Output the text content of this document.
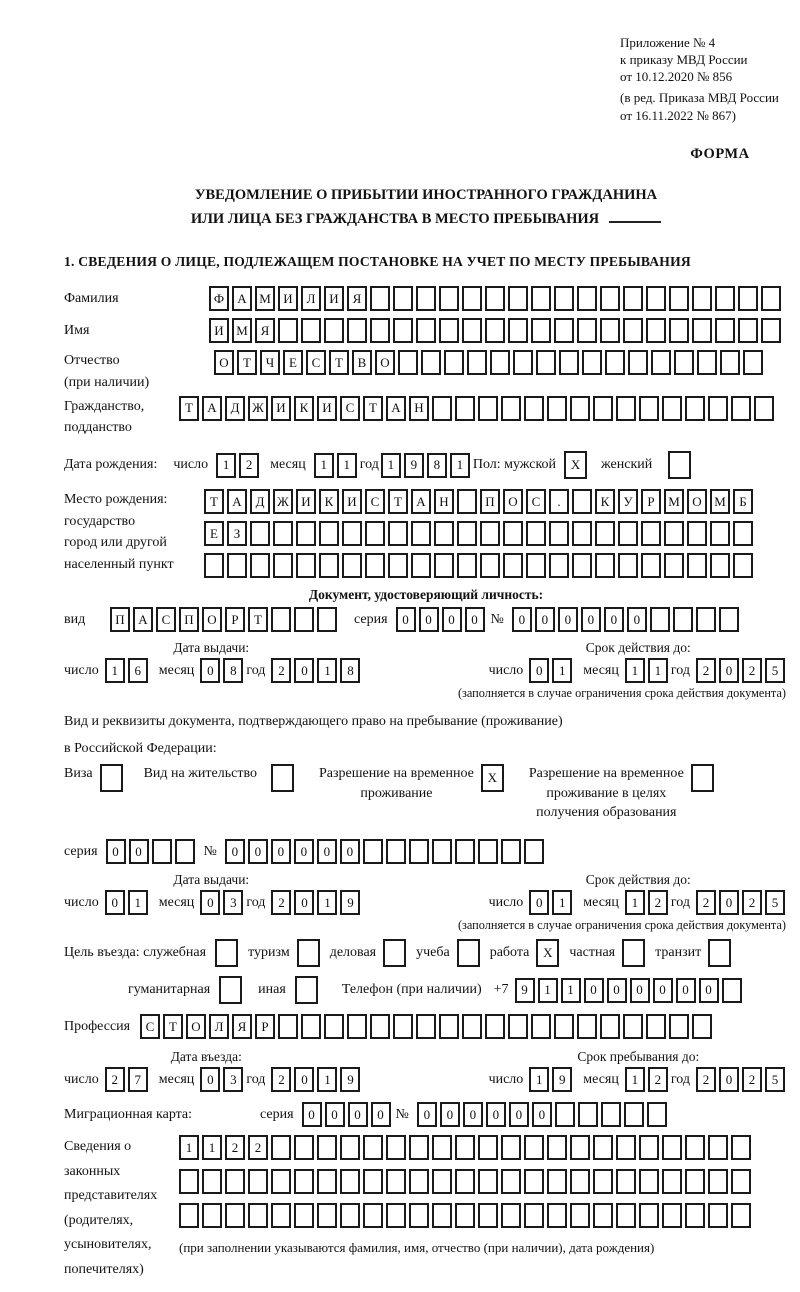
Приложение № 4
к приказу МВД России
от 10.12.2020 № 856
(в ред. Приказа МВД России
от 16.11.2022 № 867)
ФОРМА
УВЕДОМЛЕНИЕ О ПРИБЫТИИ ИНОСТРАННОГО ГРАЖДАНИНА
ИЛИ ЛИЦА БЕЗ ГРАЖДАНСТВА В МЕСТО ПРЕБЫВАНИЯ
1. СВЕДЕНИЯ О ЛИЦЕ, ПОДЛЕЖАЩЕМ ПОСТАНОВКЕ НА УЧЕТ ПО МЕСТУ ПРЕБЫВАНИЯ
Фамилия	Ф	А М И	Л	И	Я
Имя	И М Я
Отчество
(при наличии)
О	Т	Ч	Е	С	Т	В	О
Гражданство,
подданство
Т	А	Д Ж И	К	И	С	Т	А	Н
Дата рождения: число	1	2	месяц	1	1 год 1	9	8	1 Пол: мужской	X	женский
Место рождения:
государство
город или другой
населенный пункт
Т	А	Д Ж И	К	И	С	Т	А	Н	П	О	С	.	К	У	Р	М О М	Б
Е	З
Документ, удостоверяющий личность:
вид	П	А	С	П	О	Р	Т	серия	0	0	0	0 №	0	0	0	0	0	0
Дата выдачи:
число 1	6	месяц 0	8 год 2	0	1	8
Срок действия до:
число 0	1	месяц 1	1 год 2	0	2	5
(заполняется в случае ограничения срока действия документа)
Вид и реквизиты документа, подтверждающего право на пребывание (проживание)
в Российской Федерации:
Виза	Вид на жительство	Разрешение на временное
проживание
X	Разрешение на временное
проживание в целях
получения образования
серия	0	0	№	0	0	0	0	0	0
Дата выдачи:
число 0	1	месяц 0	3 год 2	0	1	9
Срок действия до:
число 0	1	месяц 1	2 год 2	0	2	5
(заполняется в случае ограничения срока действия документа)
Цель въезда: служебная	туризм	деловая	учеба	работа	X	частная	транзит
гуманитарная	иная	Телефон (при наличии) +7 9	1	1	0	0	0	0	0	0
Профессия	С	Т	О	Л	Я	Р
Дата въезда:
число 2	7	месяц 0	3 год 2	0	1	9
Срок пребывания до:
число 1	9	месяц 1	2 год 2	0	2	5
Миграционная карта:	серия	0	0	0	0 №	0	0	0	0	0	0
Сведения о
законных
представителях
(родителях,
усыновителях,
попечителях)
1	1	2	2
(при заполнении указываются фамилия, имя, отчество (при наличии), дата рождения)
